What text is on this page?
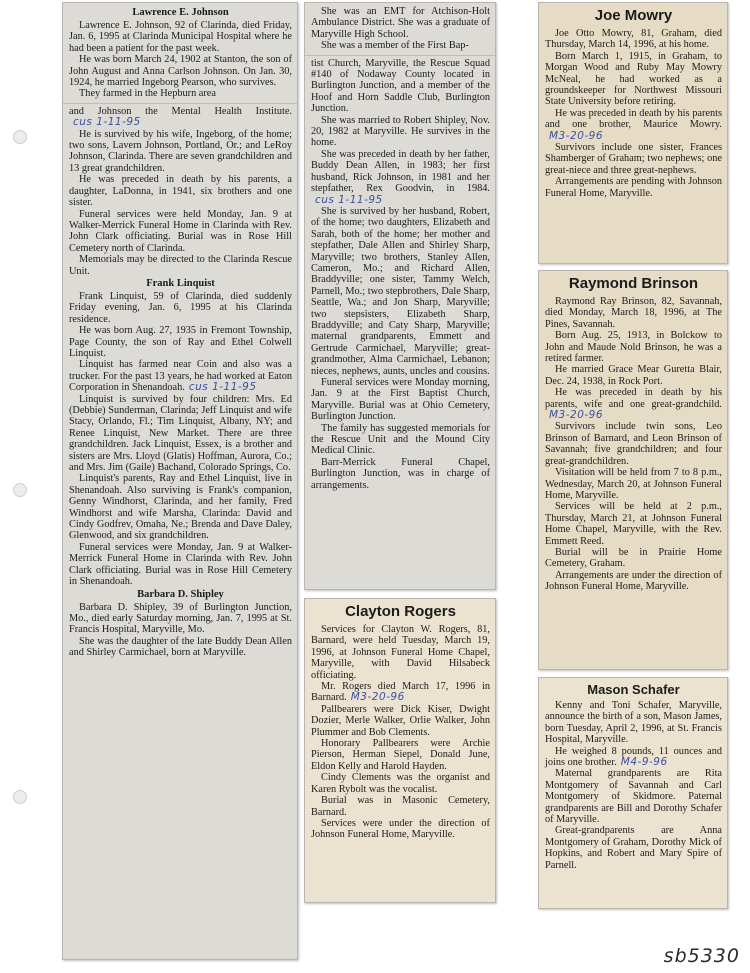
Lawrence E. Johnson

Lawrence E. Johnson, 92 of Clarinda, died Friday, Jan. 6, 1995 at Clarinda Municipal Hospital where he had been a patient for the past week.

He was born March 24, 1902 at Stanton, the son of John August and Anna Carlson Johnson. On Jan. 30, 1924, he married Ingeborg Pearson, who survives.

They farmed in the Hepburn area

and Johnson the Mental Health Institute.cus 1-11-95

He is survived by his wife, Ingeborg, of the home; two sons, Lavern Johnson, Portland, Or.; and LeRoy Johnson, Clarinda. There are seven grandchildren and 13 great grandchildren.

He was preceded in death by his parents, a daughter, LaDonna, in 1941, six brothers and one sister.

Funeral services were held Monday, Jan. 9 at Walker-Merrick Funeral Home in Clarinda with Rev. John Clark officiating. Burial was in Rose Hill Cemetery north of Clarinda.

Memorials may be directed to the Clarinda Rescue Unit.

Frank Linquist

Frank Linquist, 59 of Clarinda, died suddenly Friday evening, Jan. 6, 1995 at his Clarinda residence.

He was born Aug. 27, 1935 in Fremont Township, Page County, the son of Ray and Ethel Colwell Linquist.

Linquist has farmed near Coin and also was a trucker. For the past 13 years, he had worked at Eaton Corporation in Shenandoah. cus 1-11-95

Linquist is survived by four children: Mrs. Ed (Debbie) Sunderman, Clarinda; Jeff Linquist and wife Stacy, Orlando, Fl.; Tim Linquist, Albany, NY; and Renee Linquist, New Market. There are three grandchildren. Jack Linquist, Essex, is a brother and sisters are Mrs. Lloyd (Glatis) Hoffman, Aurora, Co.; and Mrs. Jim (Gaile) Bachand, Colorado Springs, Co.

Linquist's parents, Ray and Ethel Linquist, live in Shenandoah. Also surviving is Frank's companion, Genny Windhorst, Clarinda, and her family, Fred Windhorst and wife Marsha, Clarinda: David and Cindy Godfrev, Omaha, Ne.; Brenda and Dave Daley, Glenwood, and six grandchildren.

Funeral services were Monday, Jan. 9 at Walker-Merrick Funeral Home in Clarinda with Rev. John Clark officiating. Burial was in Rose Hill Cemetery in Shenandoah.

Barbara D. Shipley

Barbara D. Shipley, 39 of Burlington Junction, Mo., died early Saturday morning, Jan. 7, 1995 at St. Francis Hospital, Maryville, Mo.

She was the daughter of the late Buddy Dean Allen and Shirley Carmichael, born at Maryville.

She was an EMT for Atchison-Holt Ambulance District. She was a graduate of Maryville High School.

She was a member of the First Bap-

tist Church, Maryville, the Rescue Squad #140 of Nodaway County located in Burlington Junction, and a member of the Hoof and Horn Saddle Club, Burlington Junction.

She was married to Robert Shipley, Nov. 20, 1982 at Maryville. He survives in the home.

She was preceded in death by her father, Buddy Dean Allen, in 1983; her first husband, Rick Johnson, in 1981 and her stepfather, Rex Goodvin, in 1984.cus 1-11-95

She is survived by her husband, Robert, of the home; two daughters, Elizabeth and Sarah, both of the home; her mother and stepfather, Dale Allen and Shirley Sharp, Maryville; two brothers, Stanley Allen, Cameron, Mo.; and Richard Allen, Braddyville; one sister, Tammy Welch, Parnell, Mo.; two stepbrothers, Dale Sharp, Seattle, Wa.; and Jon Sharp, Maryville; two stepsisters, Elizabeth Sharp, Braddyville; and Caty Sharp, Maryville; maternal grandparents, Emmett and Gertrude Carmichael, Maryville; great-grandmother, Alma Carmichael, Lebanon; nieces, nephews, aunts, uncles and cousins.

Funeral services were Monday morning, Jan. 9 at the First Baptist Church, Maryville. Burial was at Ohio Cemetery, Burlington Junction.

The family has suggested memorials for the Rescue Unit and the Mound City Medical Clinic.

Barr-Merrick Funeral Chapel, Burlington Junction, was in charge of arrangements.

Clayton Rogers

Services for Clayton W. Rogers, 81, Barnard, were held Tuesday, March 19, 1996, at Johnson Funeral Home Chapel, Maryville, with David Hilsabeck officiating.

Mr. Rogers died March 17, 1996 in Barnard. M3-20-96

Pallbearers were Dick Kiser, Dwight Dozier, Merle Walker, Orlie Walker, John Plummer and Bob Clements.

Honorary Pallbearers were Archie Pierson, Herman Siepel, Donald June, Eldon Kelly and Harold Hayden.

Cindy Clements was the organist and Karen Rybolt was the vocalist.

Burial was in Masonic Cemetery, Barnard.

Services were under the direction of Johnson Funeral Home, Maryville.

Joe Mowry

Joe Otto Mowry, 81, Graham, died Thursday, March 14, 1996, at his home.

Born March 1, 1915, in Graham, to Morgan Wood and Ruby May Mowry McNeal, he had worked as a groundskeeper for Northwest Missouri State University before retiring.

He was preceded in death by his parents and one brother, Maurice Mowry.M3-20-96

Survivors include one sister, Frances Shamberger of Graham; two nephews; one great-niece and three great-nephews.

Arrangements are pending with Johnson Funeral Home, Maryville.

Raymond Brinson

Raymond Ray Brinson, 82, Savannah, died Monday, March 18, 1996, at The Pines, Savannah.

Born Aug. 25, 1913, in Bolckow to John and Maude Nold Brinson, he was a retired farmer.

He married Grace Mear Guretta Blair, Dec. 24, 1938, in Rock Port.

He was preceded in death by his parents, wife and one great-grandchild.M3-20-96

Survivors include twin sons, Leo Brinson of Barnard, and Leon Brinson of Savannah; five grandchildren; and four great-grandchildren.

Visitation will be held from 7 to 8 p.m., Wednesday, March 20, at Johnson Funeral Home, Maryville.

Services will be held at 2 p.m., Thursday, March 21, at Johnson Funeral Home Chapel, Maryville, with the Rev. Emmett Reed.

Burial will be in Prairie Home Cemetery, Graham.

Arrangements are under the direction of Johnson Funeral Home, Maryville.

Mason Schafer

Kenny and Toni Schafer, Maryville, announce the birth of a son, Mason James, born Tuesday, April 2, 1996, at St. Francis Hospital, Maryville.

He weighed 8 pounds, 11 ounces and joins one brother. M4-9-96

Maternal grandparents are Rita Montgomery of Savannah and Carl Montgomery of Skidmore. Paternal grandparents are Bill and Dorothy Schafer of Maryville.

Great-grandparents are Anna Montgomery of Graham, Dorothy Mick of Hopkins, and Robert and Mary Spire of Parnell.

sb5330
